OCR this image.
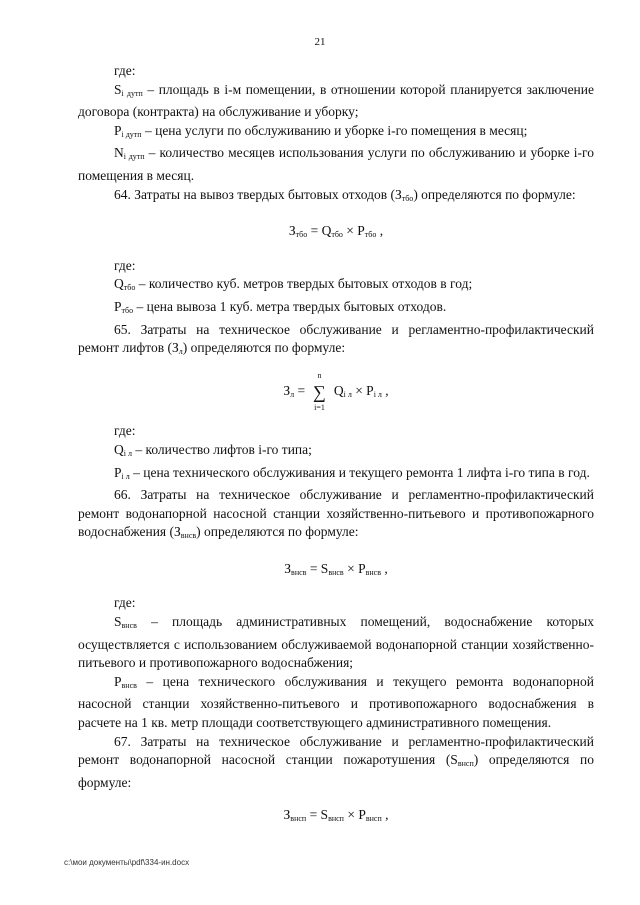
21

где:

$S_{i дутп}$ – площадь в i-м помещении, в отношении которой планируется заключение договора (контракта) на обслуживание и уборку;

$P_{i дутп}$ – цена услуги по обслуживанию и уборке i-го помещения в месяц;

$N_{i дутп}$ – количество месяцев использования услуги по обслуживанию и уборке i-го помещения в месяц.

64. Затраты на вывоз твердых бытовых отходов $(З_{тбо})$ определяются по формуле:

$З_{тбо} = Q_{тбо} \times P_{тбо}$ ,

где:

$Q_{тбо}$ – количество куб. метров твердых бытовых отходов в год;

$P_{тбо}$ – цена вывоза 1 куб. метра твердых бытовых отходов.

65. Затраты на техническое обслуживание и регламентно-профилактический ремонт лифтов $(З_л)$ определяются по формуле:

$З_л$ =
n
∑
i=1
$Q_{i л} \times P_{i л}$ ,

где:

$Q_{i л}$ – количество лифтов i-го типа;

$P_{i л}$ – цена технического обслуживания и текущего ремонта 1 лифта i-го типа в год.

66. Затраты на техническое обслуживание и регламентно-профилактический ремонт водонапорной насосной станции хозяйственно-питьевого и противопожарного водоснабжения $(З_{внсв})$ определяются по формуле:

$З_{внсв} = S_{внсв} \times P_{внсв}$ ,

где:

$S_{внсв}$ – площадь административных помещений, водоснабжение которых осуществляется с использованием обслуживаемой водонапорной станции хозяйственно-питьевого и противопожарного водоснабжения;

$P_{внсв}$ – цена технического обслуживания и текущего ремонта водонапорной насосной станции хозяйственно-питьевого и противопожарного водоснабжения в расчете на 1 кв. метр площади соответствующего административного помещения.

67. Затраты на техническое обслуживание и регламентно-профилактический ремонт водонапорной насосной станции пожаротушения $(S_{внсп})$ определяются по формуле:

$З_{внсп} = S_{внсп} \times P_{внсп}$ ,
c:\мои документы\pdf\334-ин.docx
